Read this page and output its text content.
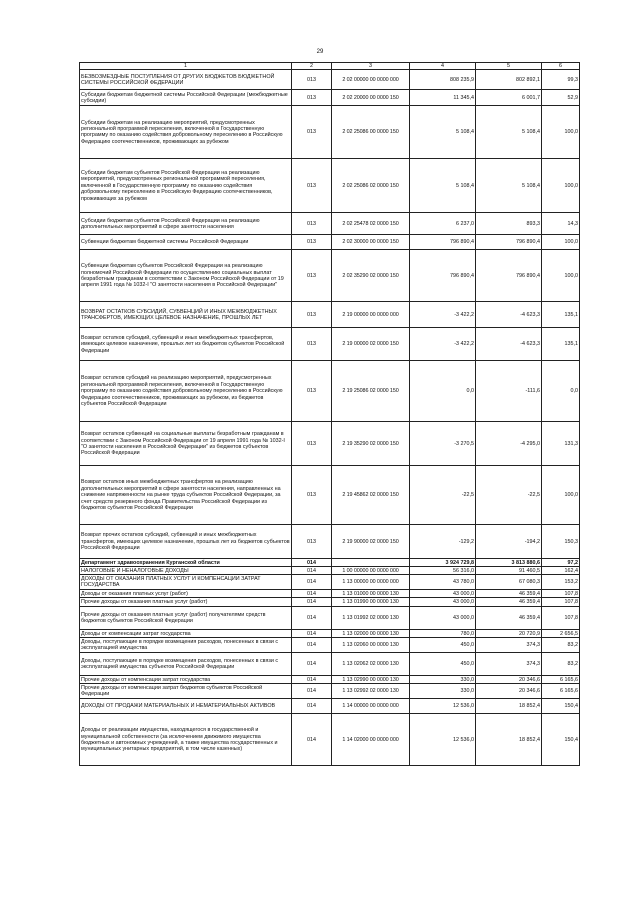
29
1	2	3	4	5	6
БЕЗВОЗМЕЗДНЫЕ ПОСТУПЛЕНИЯ ОТ ДРУГИХ БЮДЖЕТОВ БЮДЖЕТНОЙ СИСТЕМЫ РОССИЙСКОЙ ФЕДЕРАЦИИ	013	2 02 00000 00 0000 000	808 235,9	802 892,1	99,3
Субсидии бюджетам бюджетной системы Российской Федерации (межбюджетные субсидии)	013	2 02 20000 00 0000 150	11 345,4	6 001,7	52,9
Субсидии бюджетам на реализацию мероприятий, предусмотренных региональной программой переселения, включенной в Государственную программу по оказанию содействия добровольному переселению в Российскую Федерацию соотечественников, проживающих за рубежом	013	2 02 25086 00 0000 150	5 108,4	5 108,4	100,0
Субсидии бюджетам субъектов Российской Федерации на реализацию мероприятий, предусмотренных региональной программой переселения, включенной в Государственную программу по оказанию содействия добровольному переселению в Российскую Федерацию соотечественников, проживающих за рубежом	013	2 02 25086 02 0000 150	5 108,4	5 108,4	100,0
Субсидии бюджетам субъектов Российской Федерации на реализацию дополнительных мероприятий в сфере занятости населения	013	2 02 25478 02 0000 150	6 237,0	893,3	14,3
Субвенции бюджетам бюджетной системы Российской Федерации	013	2 02 30000 00 0000 150	796 890,4	796 890,4	100,0
Субвенции бюджетам субъектов Российской Федерации на реализацию полномочий Российской Федерации по осуществлению социальных выплат безработным гражданам в соответствии с Законом Российской Федерации от 19 апреля 1991 года № 1032-I "О занятости населения в Российской Федерации"	013	2 02 35290 02 0000 150	796 890,4	796 890,4	100,0
ВОЗВРАТ ОСТАТКОВ СУБСИДИЙ, СУБВЕНЦИЙ И ИНЫХ МЕЖБЮДЖЕТНЫХ ТРАНСФЕРТОВ, ИМЕЮЩИХ ЦЕЛЕВОЕ НАЗНАЧЕНИЕ, ПРОШЛЫХ ЛЕТ	013	2 19 00000 00 0000 000	-3 422,2	-4 623,3	135,1
Возврат остатков субсидий, субвенций и иных межбюджетных трансфертов, имеющих целевое назначение, прошлых лет из бюджетов субъектов Российской Федерации	013	2 19 00000 02 0000 150	-3 422,2	-4 623,3	135,1
Возврат остатков субсидий на реализацию мероприятий, предусмотренных региональной программой переселения, включенной в Государственную программу по оказанию содействия добровольному переселению в Российскую Федерацию соотечественников, проживающих за рубежом, из бюджетов субъектов Российской Федерации	013	2 19 25086 02 0000 150	0,0	-111,6	0,0
Возврат остатков субвенций на социальные выплаты безработным гражданам в соответствии с Законом Российской Федерации от 19 апреля 1991 года № 1032-I "О занятости населения в Российской Федерации" из бюджетов субъектов Российской Федерации	013	2 19 35290 02 0000 150	-3 270,5	-4 295,0	131,3
Возврат остатков иных межбюджетных трансфертов на реализацию дополнительных мероприятий в сфере занятости населения, направленных на снижение напряженности на рынке труда субъектов Российской Федерации, за счет средств резервного фонда Правительства Российской Федерации из бюджетов субъектов Российской Федерации	013	2 19 45862 02 0000 150	-22,5	-22,5	100,0
Возврат прочих остатков субсидий, субвенций и иных межбюджетных трансфертов, имеющих целевое назначение, прошлых лет из бюджетов субъектов Российской Федерации	013	2 19 90000 02 0000 150	-129,2	-194,2	150,3
Департамент здравоохранения Курганской области	014		3 924 729,8	3 813 880,6	97,2
НАЛОГОВЫЕ И НЕНАЛОГОВЫЕ ДОХОДЫ	014	1 00 00000 00 0000 000	56 316,0	91 460,5	162,4
ДОХОДЫ ОТ ОКАЗАНИЯ ПЛАТНЫХ УСЛУГ И КОМПЕНСАЦИИ ЗАТРАТ ГОСУДАРСТВА	014	1 13 00000 00 0000 000	43 780,0	67 080,3	153,2
Доходы от оказания платных услуг (работ)	014	1 13 01000 00 0000 130	43 000,0	46 359,4	107,8
Прочие доходы от оказания платных услуг (работ)	014	1 13 01990 00 0000 130	43 000,0	46 359,4	107,8
Прочие доходы от оказания платных услуг (работ) получателями средств бюджетов субъектов Российской Федерации	014	1 13 01992 02 0000 130	43 000,0	46 359,4	107,8
Доходы от компенсации затрат государства	014	1 13 02000 00 0000 130	780,0	20 720,9	2 656,5
Доходы, поступающие в порядке возмещения расходов, понесенных в связи с эксплуатацией имущества	014	1 13 02060 00 0000 130	450,0	374,3	83,2
Доходы, поступающие в порядке возмещения расходов, понесенных в связи с эксплуатацией имущества субъектов Российской Федерации	014	1 13 02062 02 0000 130	450,0	374,3	83,2
Прочие доходы от компенсации затрат государства	014	1 13 02990 00 0000 130	330,0	20 346,6	6 165,6
Прочие доходы от компенсации затрат бюджетов субъектов Российской Федерации	014	1 13 02992 02 0000 130	330,0	20 346,6	6 165,6
ДОХОДЫ ОТ ПРОДАЖИ МАТЕРИАЛЬНЫХ И НЕМАТЕРИАЛЬНЫХ АКТИВОВ	014	1 14 00000 00 0000 000	12 536,0	18 852,4	150,4
Доходы от реализации имущества, находящегося в государственной и муниципальной собственности (за исключением движимого имущества бюджетных и автономных учреждений, а также имущества государственных и муниципальных унитарных предприятий, в том числе казенных)	014	1 14 02000 00 0000 000	12 536,0	18 852,4	150,4
